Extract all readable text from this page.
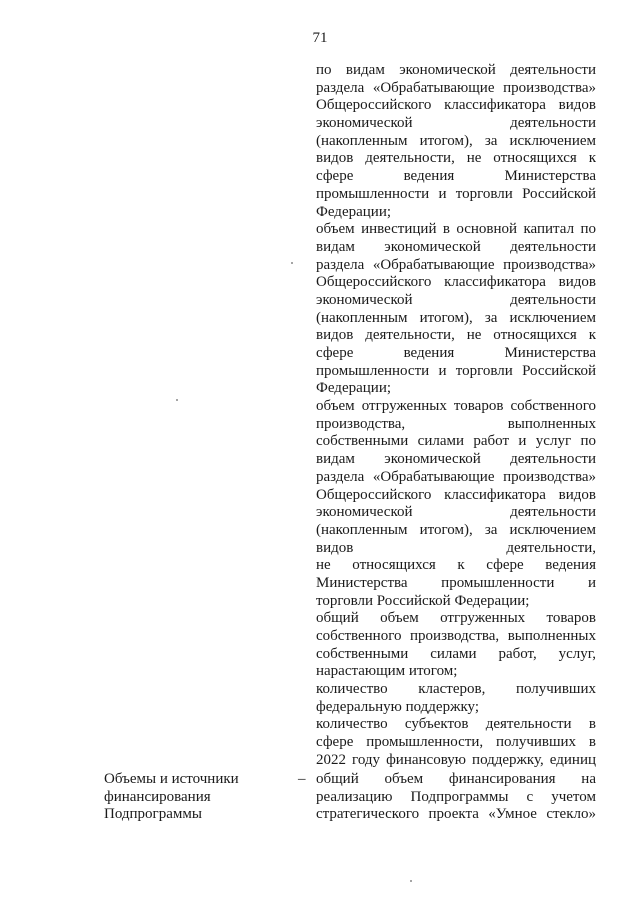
71
по видам экономической деятельности
раздела «Обрабатывающие производства»
Общероссийского классификатора видов
экономической деятельности
(накопленным итогом), за исключением
видов деятельности, не относящихся к
сфере ведения Министерства
промышленности и торговли Российской
Федерации;
объем инвестиций в основной капитал по
видам экономической деятельности
раздела «Обрабатывающие производства»
Общероссийского классификатора видов
экономической деятельности
(накопленным итогом), за исключением
видов деятельности, не относящихся к
сфере ведения Министерства
промышленности и торговли Российской
Федерации;
объем отгруженных товаров собственного
производства, выполненных
собственными силами работ и услуг по
видам экономической деятельности
раздела «Обрабатывающие производства»
Общероссийского классификатора видов
экономической деятельности
(накопленным итогом), за исключением
видов деятельности,
не относящихся к сфере ведения
Министерства промышленности и
торговли Российской Федерации;
общий объем отгруженных товаров
собственного производства, выполненных
собственными силами работ, услуг,
нарастающим итогом;
количество кластеров, получивших
федеральную поддержку;
количество субъектов деятельности в
сфере промышленности, получивших в
2022 году финансовую поддержку, единиц
Объемы и источники
финансирования
Подпрограммы
– общий объем финансирования на
реализацию Подпрограммы с учетом
стратегического проекта «Умное стекло»
